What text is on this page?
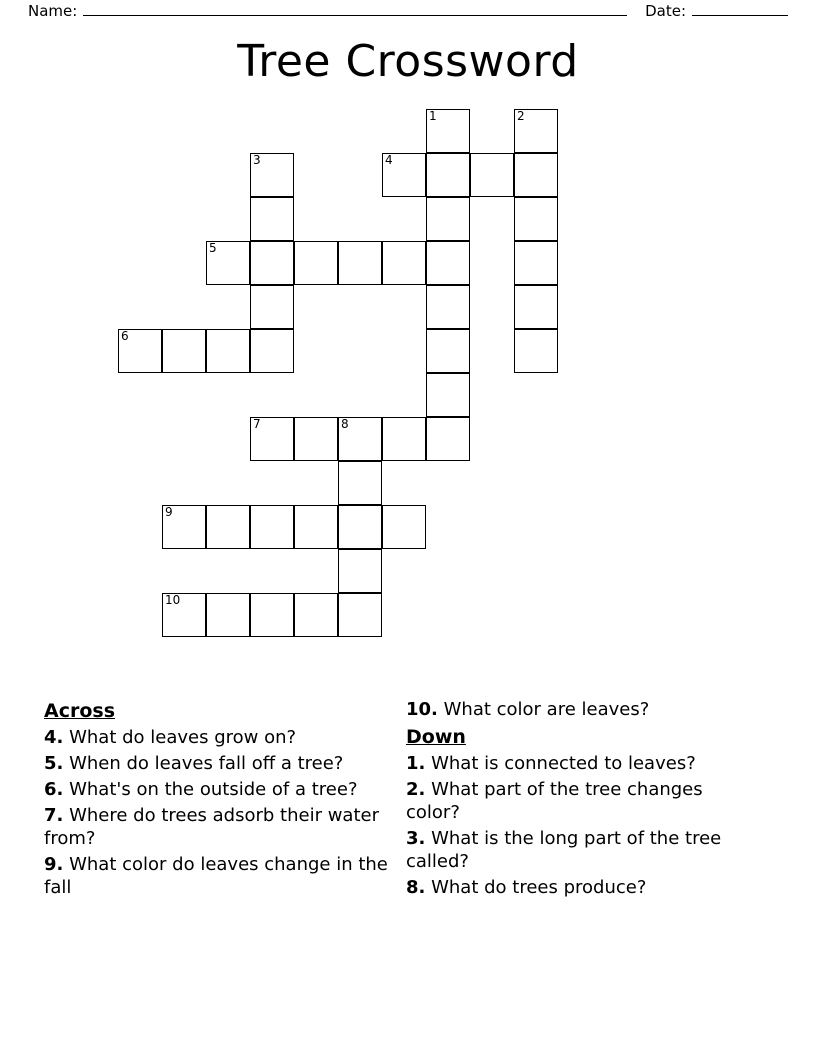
Name:	Date:
Tree Crossword
1	2
3	4
5
6
7	8
9
10
Across
4. What do leaves grow on?
5. When do leaves fall off a tree?
6. What's on the outside of a tree?
7. Where do trees adsorb their water from?
9. What color do leaves change in the fall
10. What color are leaves?
Down
1. What is connected to leaves?
2. What part of the tree changes color?
3. What is the long part of the tree called?
8. What do trees produce?
